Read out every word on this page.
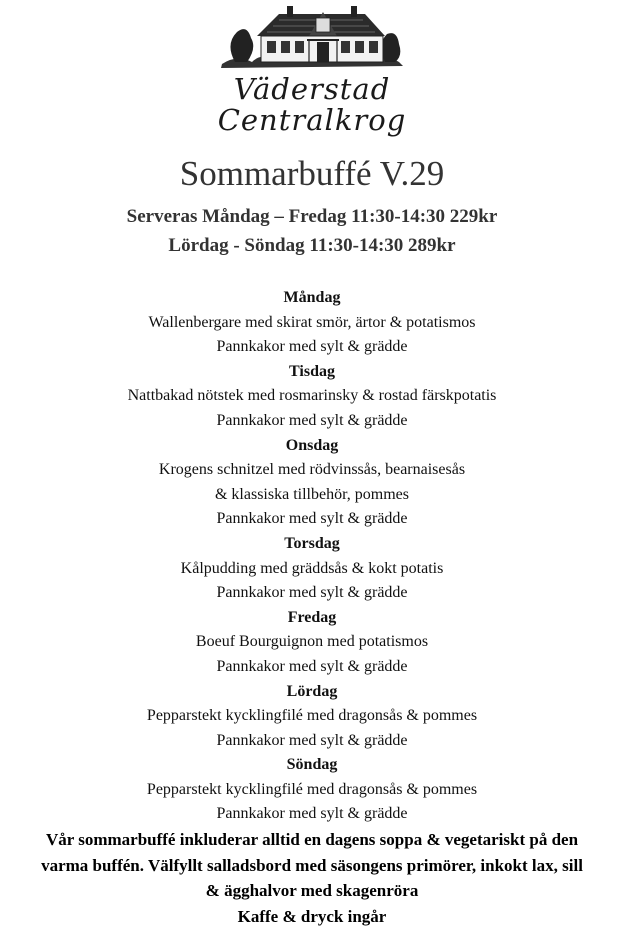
Väderstad
Centralkrog
Sommarbuffé V.29
Serveras Måndag – Fredag 11:30-14:30 229kr
Lördag - Söndag 11:30-14:30 289kr
Måndag
Wallenbergare med skirat smör, ärtor & potatismos
Pannkakor med sylt & grädde
Tisdag
Nattbakad nötstek med rosmarinsky & rostad färskpotatis
Pannkakor med sylt & grädde
Onsdag
Krogens schnitzel med rödvinssås, bearnaisesås
& klassiska tillbehör, pommes
Pannkakor med sylt & grädde
Torsdag
Kålpudding med gräddsås & kokt potatis
Pannkakor med sylt & grädde
Fredag
Boeuf Bourguignon med potatismos
Pannkakor med sylt & grädde
Lördag
Pepparstekt kycklingfilé med dragonsås & pommes
Pannkakor med sylt & grädde
Söndag
Pepparstekt kycklingfilé med dragonsås & pommes
Pannkakor med sylt & grädde
Vår sommarbuffé inkluderar alltid en dagens soppa & vegetariskt på den
varma buffén. Välfyllt salladsbord med säsongens primörer, inkokt lax, sill
& ägghalvor med skagenröra
Kaffe & dryck ingår
